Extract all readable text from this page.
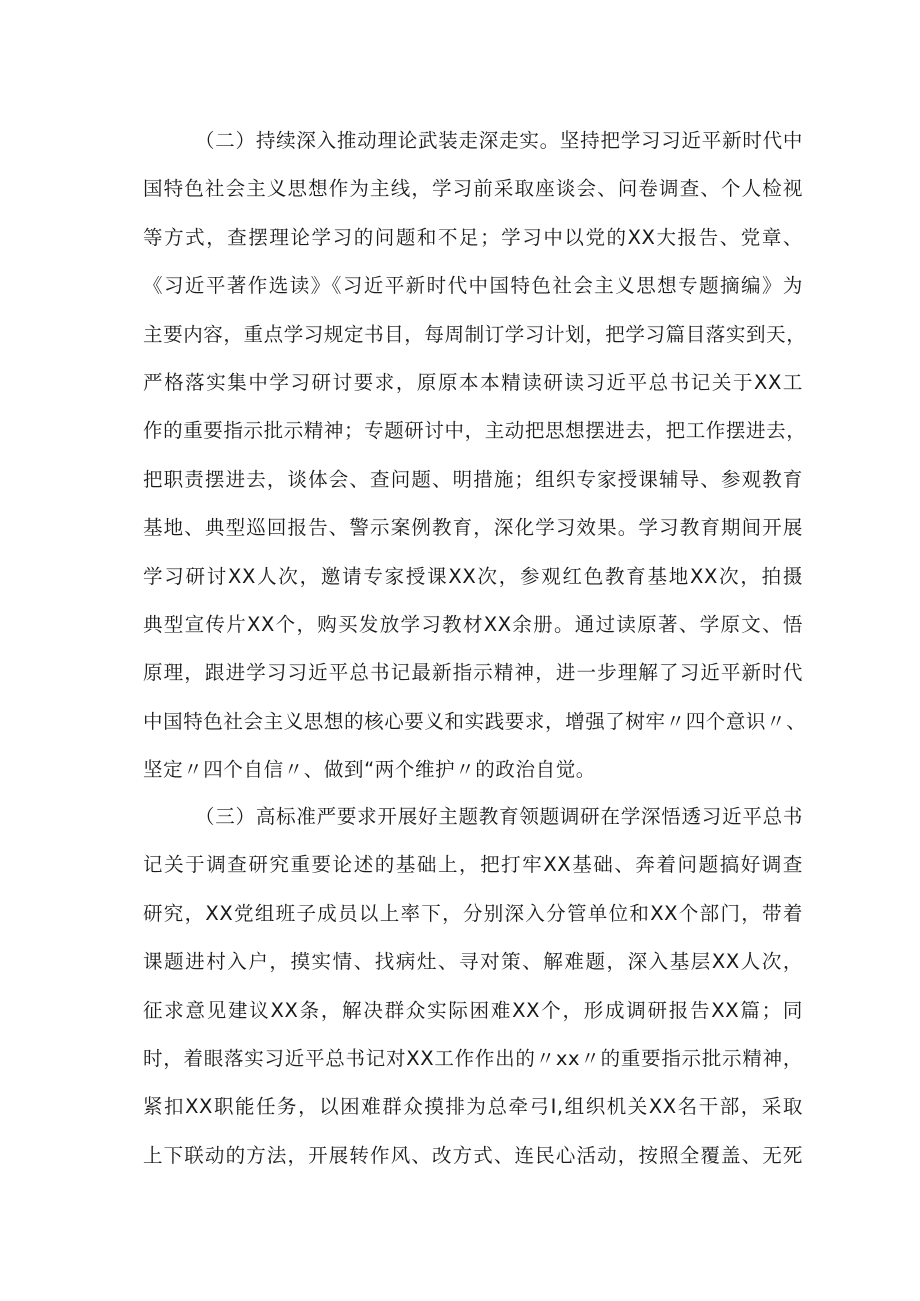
（二）持续深入推动理论武装走深走实。坚持把学习习近平新时代中
国特色社会主义思想作为主线，学习前采取座谈会、问卷调查、个人检视
等方式，查摆理论学习的问题和不足；学习中以党的XX大报告、党章、
《习近平著作选读》《习近平新时代中国特色社会主义思想专题摘编》为
主要内容，重点学习规定书目，每周制订学习计划，把学习篇目落实到天，
严格落实集中学习研讨要求，原原本本精读研读习近平总书记关于XX工
作的重要指示批示精神；专题研讨中，主动把思想摆进去，把工作摆进去，
把职责摆进去，谈体会、查问题、明措施；组织专家授课辅导、参观教育
基地、典型巡回报告、警示案例教育，深化学习效果。学习教育期间开展
学习研讨XX人次，邀请专家授课XX次，参观红色教育基地XX次，拍摄
典型宣传片XX个，购买发放学习教材XX余册。通过读原著、学原文、悟
原理，跟进学习习近平总书记最新指示精神，进一步理解了习近平新时代
中国特色社会主义思想的核心要义和实践要求，增强了树牢〃四个意识〃、
坚定〃四个自信〃、做到“两个维护〃的政治自觉。
（三）高标准严要求开展好主题教育领题调研在学深悟透习近平总书
记关于调查研究重要论述的基础上，把打牢XX基础、奔着问题搞好调查
研究，XX党组班子成员以上率下，分别深入分管单位和XX个部门，带着
课题进村入户，摸实情、找病灶、寻对策、解难题，深入基层XX人次，
征求意见建议XX条，解决群众实际困难XX个，形成调研报告XX篇；同
时，着眼落实习近平总书记对XX工作作出的〃xx〃的重要指示批示精神，
紧扣XX职能任务，以困难群众摸排为总牵弓I,组织机关XX名干部，采取
上下联动的方法，开展转作风、改方式、连民心活动，按照全覆盖、无死
